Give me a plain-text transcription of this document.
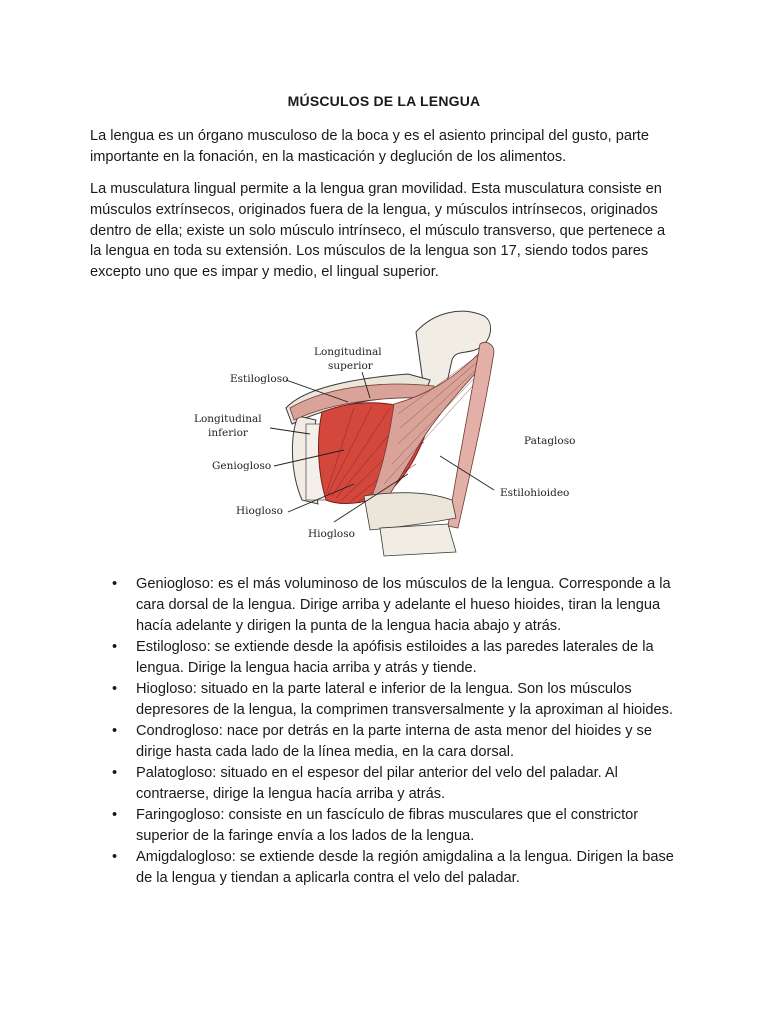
MÚSCULOS DE LA LENGUA

La lengua es un órgano musculoso de la boca y es el asiento principal del gusto, parte importante en la fonación, en la masticación y deglución de los alimentos.

La musculatura lingual permite a la lengua gran movilidad. Esta musculatura consiste en músculos extrínsecos, originados fuera de la lengua, y músculos intrínsecos, originados dentro de ella; existe un solo músculo intrínseco, el músculo transverso, que pertenece a la lengua en toda su extensión. Los músculos de la lengua son 17, siendo todos pares excepto uno que es impar y medio, el lingual superior.

Longitudinal
superior
Estilogloso
Longitudinal
inferior
Geniogloso
Hiogloso
Hiogloso
Patagloso
Estilohioideo
• Geniogloso: es el más voluminoso de los músculos de la lengua. Corresponde a la cara dorsal de la lengua. Dirige arriba y adelante el hueso hioides, tiran la lengua hacía adelante y dirigen la punta de la lengua hacia abajo y atrás.
• Estilogloso: se extiende desde la apófisis estiloides a las paredes laterales de la lengua. Dirige la lengua hacia arriba y atrás y tiende.
• Hiogloso: situado en la parte lateral e inferior de la lengua. Son los músculos depresores de la lengua, la comprimen transversalmente y la aproximan al hioides.
• Condrogloso: nace por detrás en la parte interna de asta menor del hioides y se dirige hasta cada lado de la línea media, en la cara dorsal.
• Palatogloso: situado en el espesor del pilar anterior del velo del paladar. Al contraerse, dirige la lengua hacía arriba y atrás.
• Faringogloso: consiste en un fascículo de fibras musculares que el constrictor superior de la faringe envía a los lados de la lengua.
• Amigdalogloso: se extiende desde la región amigdalina a la lengua. Dirigen la base de la lengua y tiendan a aplicarla contra el velo del paladar.
